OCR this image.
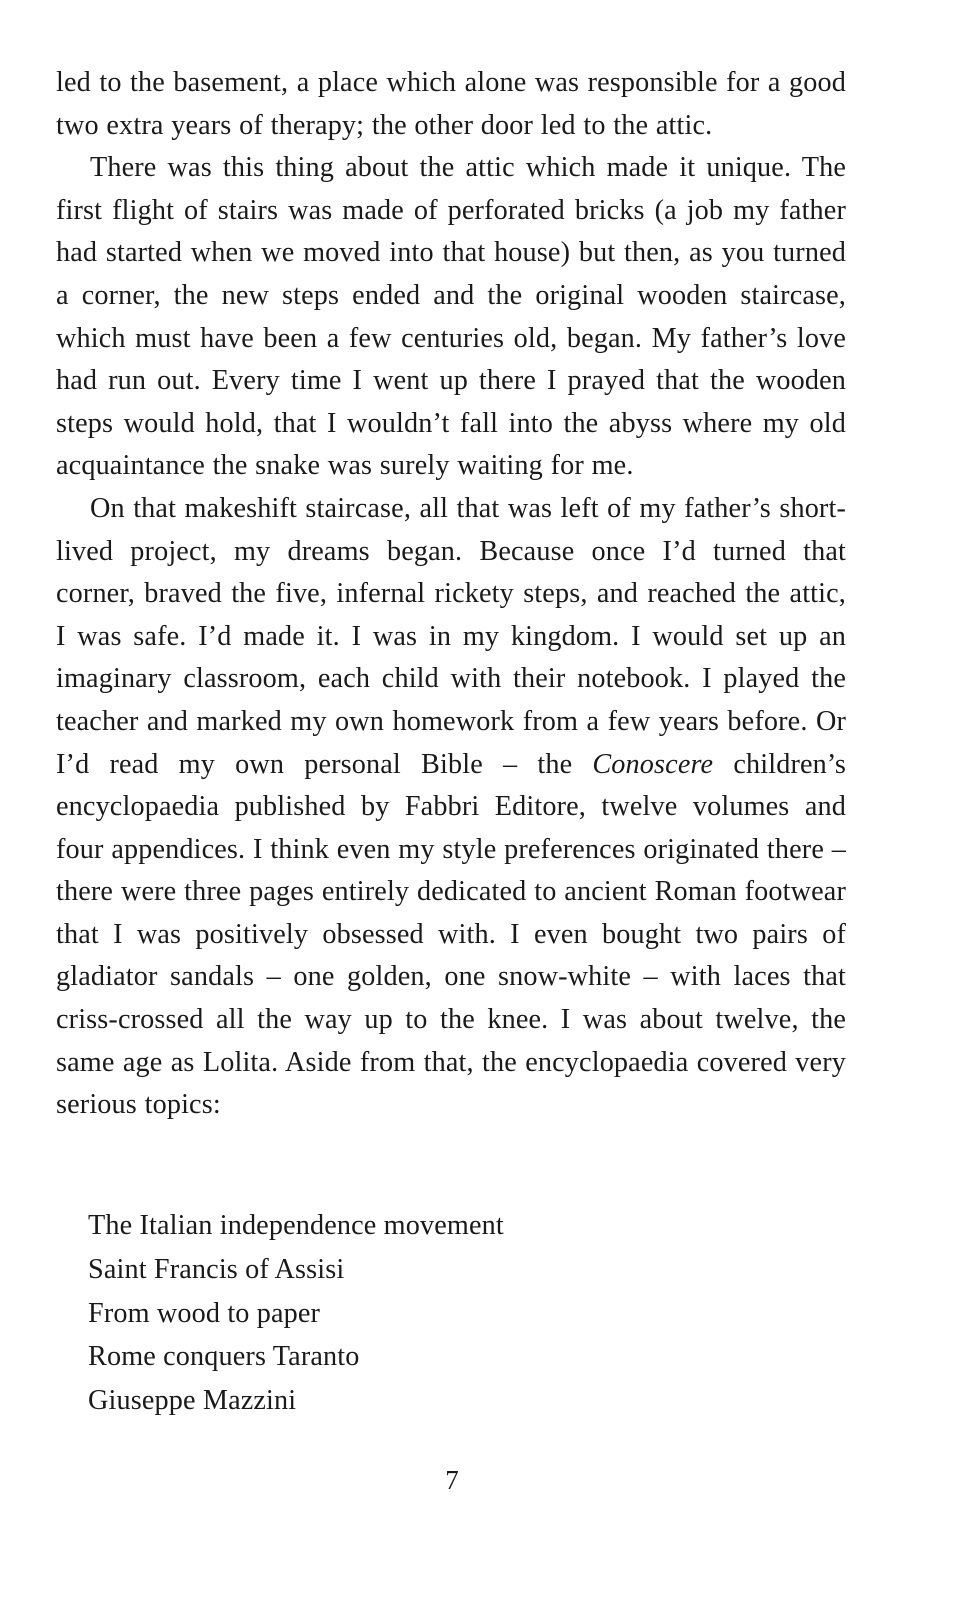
led to the basement, a place which alone was responsible for a good two extra years of therapy; the other door led to the attic.

There was this thing about the attic which made it unique. The first flight of stairs was made of perforated bricks (a job my father had started when we moved into that house) but then, as you turned a corner, the new steps ended and the original wooden staircase, which must have been a few centuries old, began. My father’s love had run out. Every time I went up there I prayed that the wooden steps would hold, that I wouldn’t fall into the abyss where my old acquaintance the snake was surely waiting for me.

On that makeshift staircase, all that was left of my father’s short-lived project, my dreams began. Because once I’d turned that corner, braved the five, infernal rickety steps, and reached the attic, I was safe. I’d made it. I was in my kingdom. I would set up an imaginary classroom, each child with their notebook. I played the teacher and marked my own homework from a few years before. Or I’d read my own personal Bible – the Conoscere children’s encyclopaedia published by Fabbri Editore, twelve volumes and four appendices. I think even my style preferences originated there – there were three pages entirely dedicated to ancient Roman footwear that I was positively obsessed with. I even bought two pairs of gladiator sandals – one golden, one snow-white – with laces that criss-crossed all the way up to the knee. I was about twelve, the same age as Lolita. Aside from that, the encyclopaedia covered very serious topics:

The Italian independence movement
Saint Francis of Assisi
From wood to paper
Rome conquers Taranto
Giuseppe Mazzini
7
